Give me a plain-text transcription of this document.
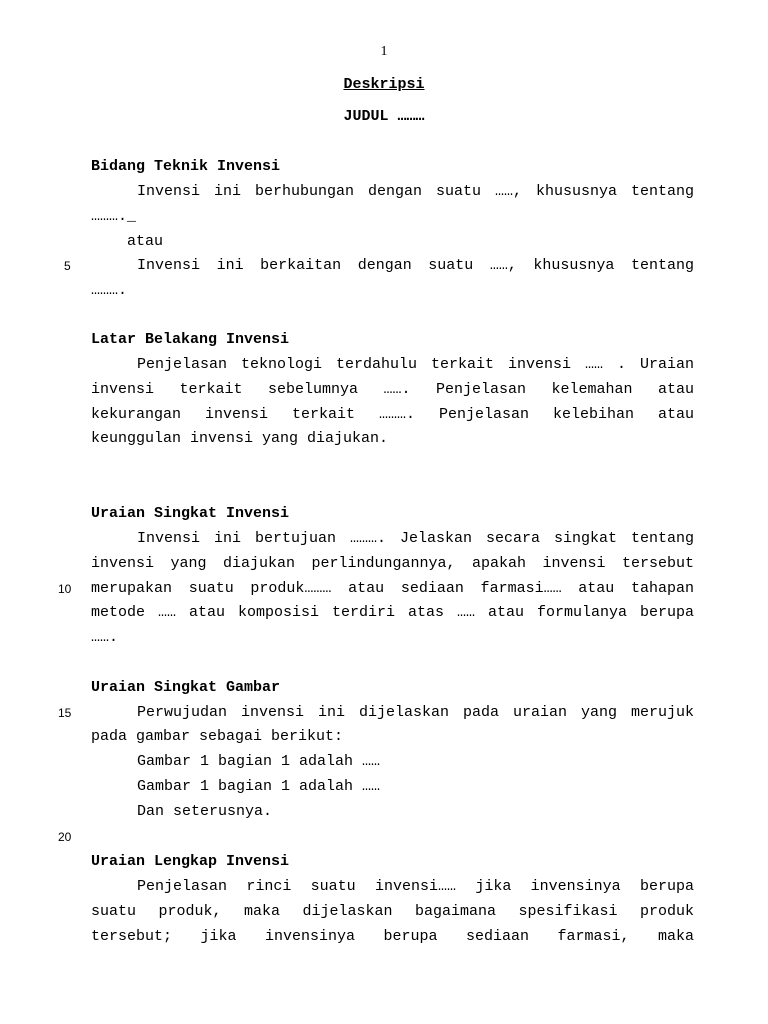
1
Deskripsi
JUDUL ………
Bidang Teknik Invensi
Invensi ini berhubungan dengan suatu ……, khususnya tentang
………._
atau
5	Invensi ini berkaitan dengan suatu ……, khususnya tentang
……….
Latar Belakang Invensi
Penjelasan teknologi terdahulu terkait invensi …… . Uraian
invensi terkait sebelumnya ……. Penjelasan kelemahan atau
kekurangan invensi terkait ………. Penjelasan kelebihan atau
keunggulan invensi yang diajukan.
Uraian Singkat Invensi
Invensi ini bertujuan ………. Jelaskan secara singkat tentang
invensi yang diajukan perlindungannya, apakah invensi tersebut
10 merupakan suatu produk……… atau sediaan farmasi…… atau tahapan
metode …… atau komposisi terdiri atas …… atau formulanya berupa
…….
Uraian Singkat Gambar
15	Perwujudan invensi ini dijelaskan pada uraian yang merujuk
pada gambar sebagai berikut:
Gambar 1 bagian 1 adalah ……
Gambar 1 bagian 1 adalah ……
Dan seterusnya.
20
Uraian Lengkap Invensi
Penjelasan rinci suatu invensi…… jika invensinya berupa
suatu produk, maka dijelaskan bagaimana spesifikasi produk
tersebut; jika invensinya berupa sediaan farmasi, maka
